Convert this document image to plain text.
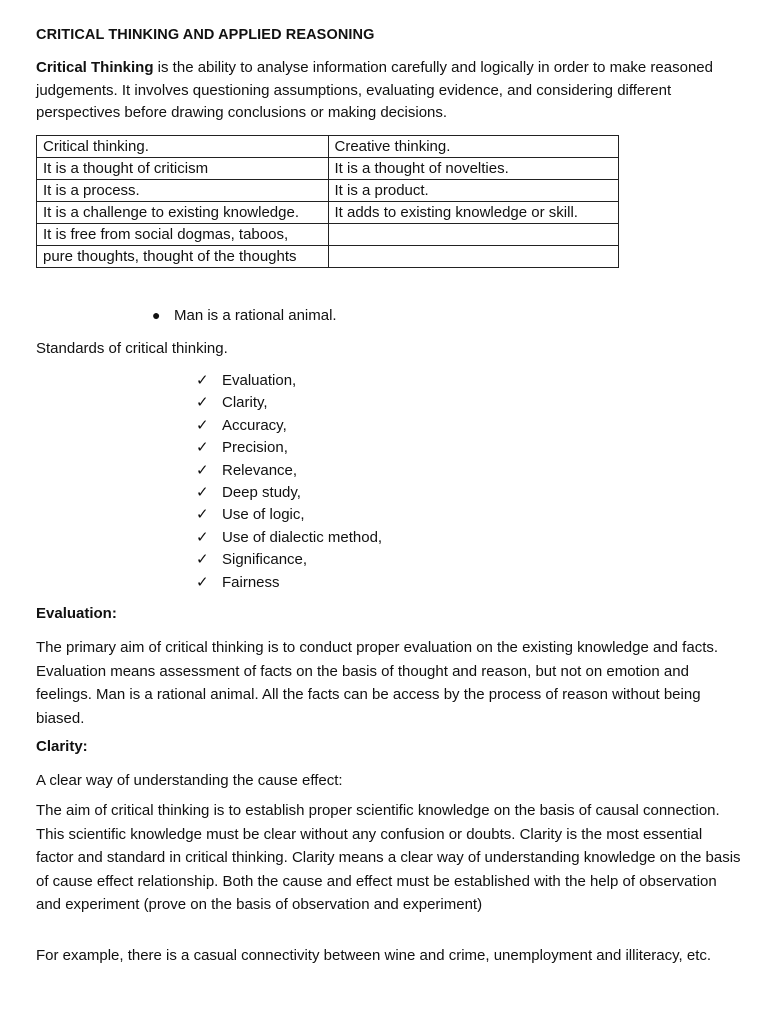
CRITICAL THINKING AND APPLIED REASONING
Critical Thinking is the ability to analyse information carefully and logically in order to make reasoned judgements. It involves questioning assumptions, evaluating evidence, and considering different perspectives before drawing conclusions or making decisions.
Critical thinking.	Creative thinking.
It is a thought of criticism	It is a thought of novelties.
It is a process.	It is a product.
It is a challenge to existing knowledge.	It adds to existing knowledge or skill.
It is free from social dogmas, taboos,	
pure thoughts, thought of the thoughts	
● Man is a rational animal.
Standards of critical thinking.
✓ Evaluation,
✓ Clarity,
✓ Accuracy,
✓ Precision,
✓ Relevance,
✓ Deep study,
✓ Use of logic,
✓ Use of dialectic method,
✓ Significance,
✓ Fairness
Evaluation:
The primary aim of critical thinking is to conduct proper evaluation on the existing knowledge and facts. Evaluation means assessment of facts on the basis of thought and reason, but not on emotion and feelings. Man is a rational animal. All the facts can be access by the process of reason without being biased.
Clarity:
A clear way of understanding the cause effect:
The aim of critical thinking is to establish proper scientific knowledge on the basis of causal connection. This scientific knowledge must be clear without any confusion or doubts. Clarity is the most essential factor and standard in critical thinking. Clarity means a clear way of understanding knowledge on the basis of cause effect relationship. Both the cause and effect must be established with the help of observation and experiment (prove on the basis of observation and experiment)
For example, there is a casual connectivity between wine and crime, unemployment and illiteracy, etc.
